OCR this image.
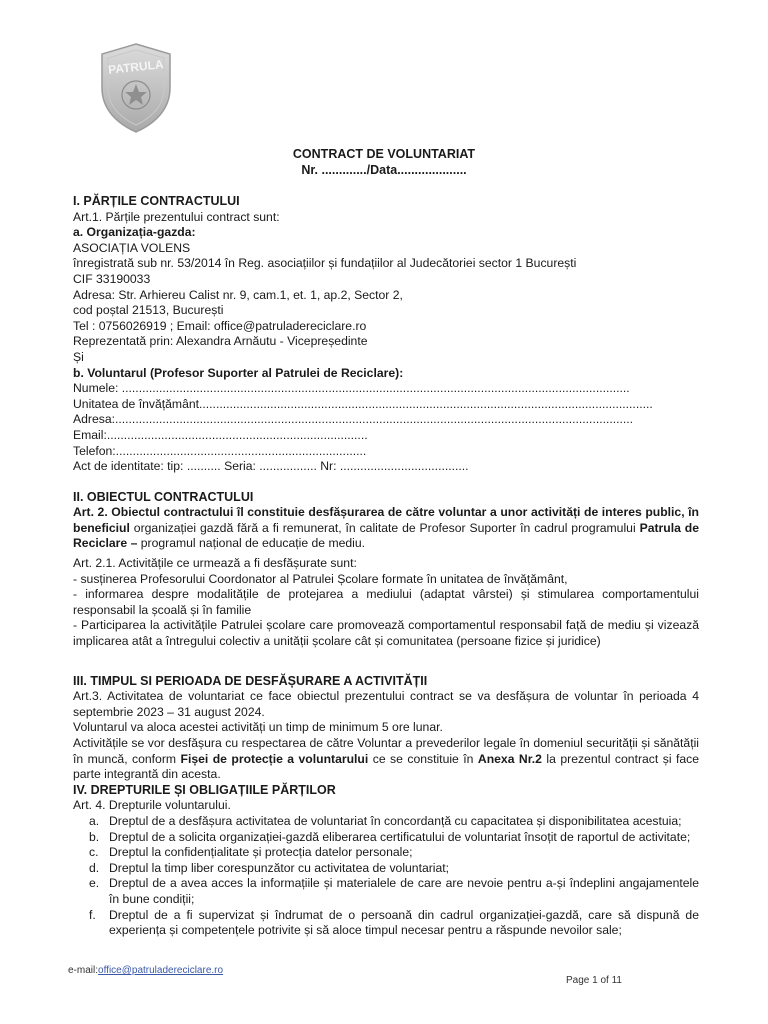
PATRULA
CONTRACT DE VOLUNTARIAT
Nr. ............./Data....................
I. PĂRȚILE CONTRACTULUI
Art.1. Părțile prezentului contract sunt:
a. Organizația-gazda:
ASOCIAȚIA VOLENS
înregistrată sub nr. 53/2014 în Reg. asociațiilor și fundațiilor al Judecătoriei sector 1 București
CIF 33190033
Adresa: Str. Arhiereu Calist nr. 9, cam.1, et. 1, ap.2, Sector 2,
cod poștal 21513, București
Tel : 0756026919 ; Email: office@patruladereciclare.ro
Reprezentată prin: Alexandra Arnăutu - Vicepreședinte
Și
b. Voluntarul (Profesor Suporter al Patrulei de Reciclare):
Numele: ......................................................................................................................................................
Unitatea de învățământ......................................................................................................................................
Adresa:.........................................................................................................................................................
Email:.............................................................................
Telefon:..........................................................................
Act de identitate: tip: .......... Seria: ................. Nr: ......................................
II. OBIECTUL CONTRACTULUI

Art. 2. Obiectul contractului îl constituie desfășurarea de către voluntar a unor activități de interes public, în beneficiul organizației gazdă fără a fi remunerat, în calitate de Profesor Suporter în cadrul programului Patrula de Reciclare – programul național de educație de mediu.

Art. 2.1. Activitățile ce urmează a fi desfășurate sunt:
- susținerea Profesorului Coordonator al Patrulei Școlare formate în unitatea de învățământ,
- informarea despre modalitățile de protejarea a mediului (adaptat vârstei) și stimularea comportamentului responsabil la școală și în familie
- Participarea la activitățile Patrulei școlare care promovează comportamentul responsabil față de mediu și vizează implicarea atât a întregului colectiv a unității școlare cât și comunitatea (persoane fizice și juridice)
III. TIMPUL SI PERIOADA DE DESFĂȘURARE A ACTIVITĂȚII
Art.3. Activitatea de voluntariat ce face obiectul prezentului contract se va desfășura de voluntar în perioada 4 septembrie 2023 – 31 august 2024.
Voluntarul va aloca acestei activități un timp de minimum 5 ore lunar.

Activitățile se vor desfășura cu respectarea de către Voluntar a prevederilor legale în domeniul securității și sănătății în muncă, conform Fișei de protecție a voluntarului ce se constituie în Anexa Nr.2 la prezentul contract și face parte integrantă din acesta.

IV. DREPTURILE ȘI OBLIGAȚIILE PĂRȚILOR
Art. 4. Drepturile voluntarului.
a. Dreptul de a desfășura activitatea de voluntariat în concordanță cu capacitatea și disponibilitatea acestuia;
b. Dreptul de a solicita organizației-gazdă eliberarea certificatului de voluntariat însoțit de raportul de activitate;
c. Dreptul la confidențialitate și protecția datelor personale;
d. Dreptul la timp liber corespunzător cu activitatea de voluntariat;
e. Dreptul de a avea acces la informațiile și materialele de care are nevoie pentru a-și îndeplini angajamentele în bune condiții;
f. Dreptul de a fi supervizat și îndrumat de o persoană din cadrul organizației-gazdă, care să dispună de experiența și competențele potrivite și să aloce timpul necesar pentru a răspunde nevoilor sale;
e-mail:office@patruladereciclare.ro
Page 1 of 11
